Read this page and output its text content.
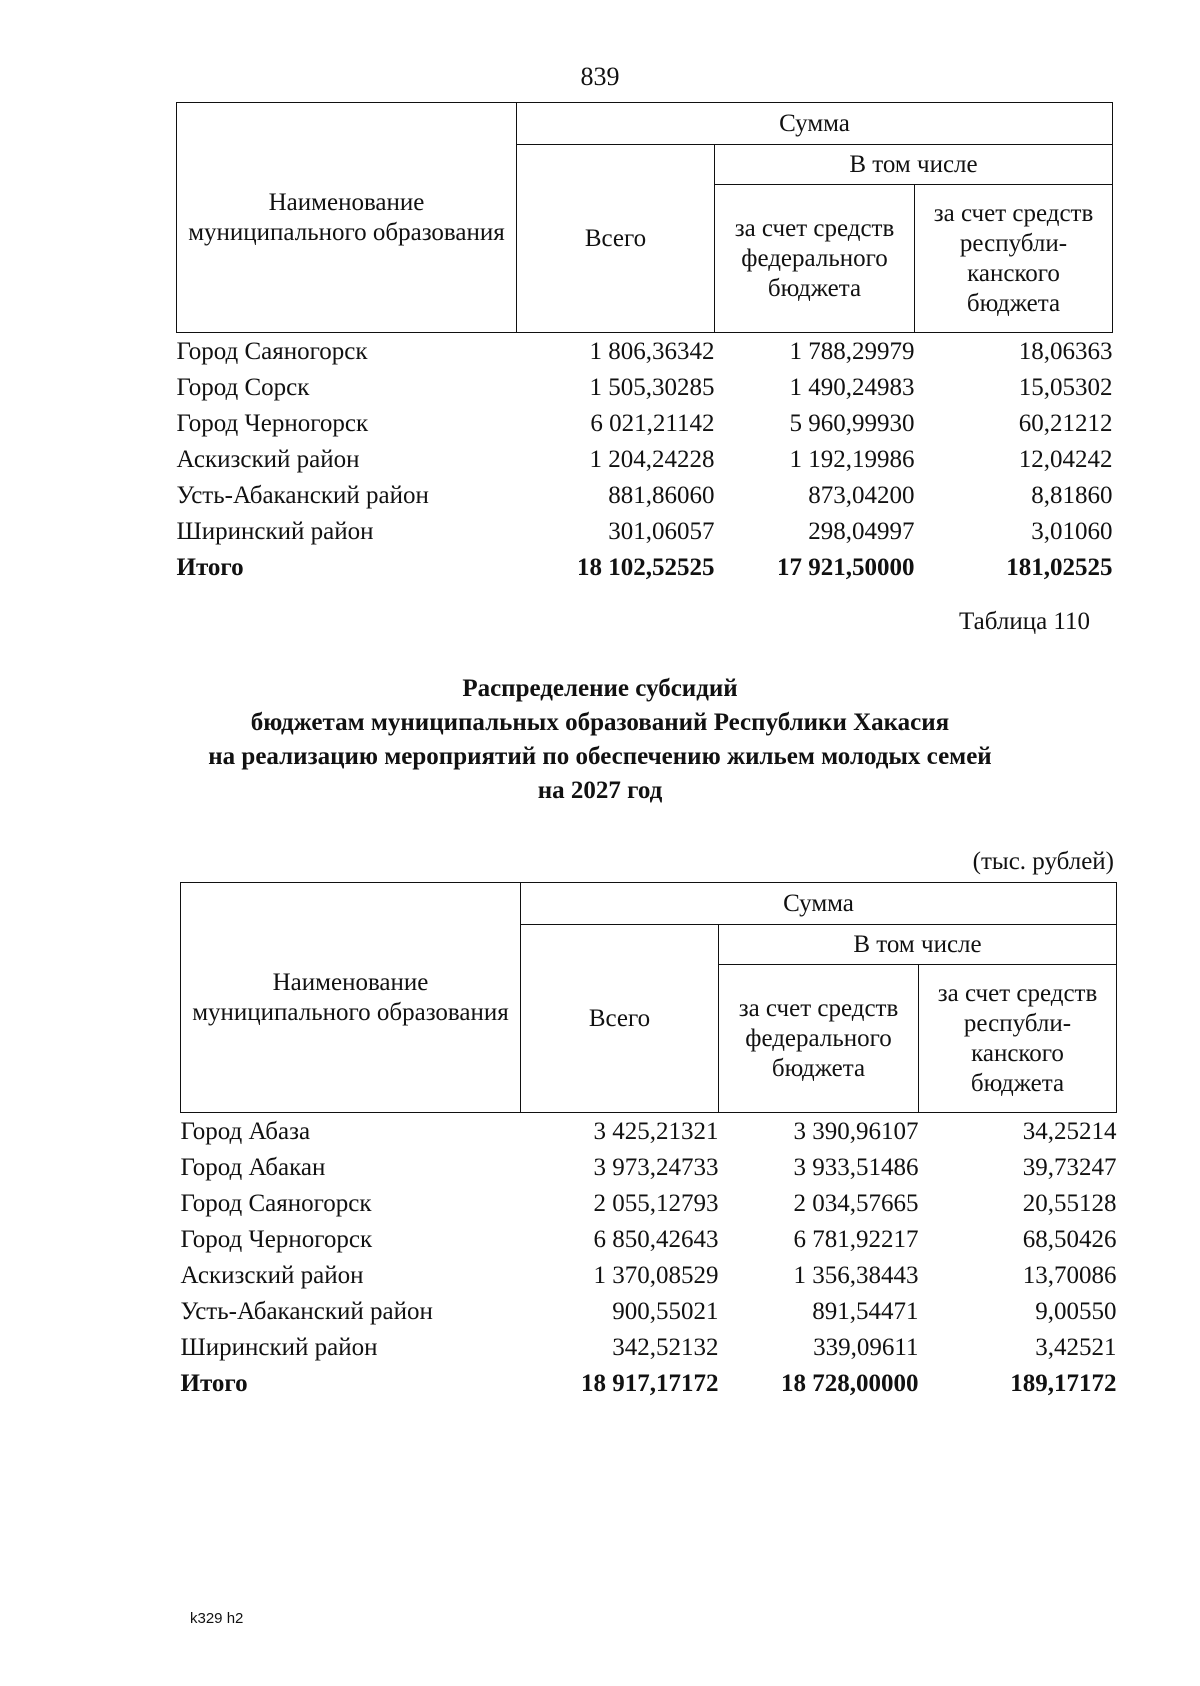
839
Наименование муниципального образования	Сумма		
	Всего	В том числе	
		за счет средств федерального бюджета	за счет средств республи-канского бюджета
Город Саяногорск	1 806,36342	1 788,29979	18,06363
Город Сорск	1 505,30285	1 490,24983	15,05302
Город Черногорск	6 021,21142	5 960,99930	60,21212
Аскизский район	1 204,24228	1 192,19986	12,04242
Усть-Абаканский район	881,86060	873,04200	8,81860
Ширинский район	301,06057	298,04997	3,01060
Итого	18 102,52525	17 921,50000	181,02525
Таблица 110
Распределение субсидий
бюджетам муниципальных образований Республики Хакасия
на реализацию мероприятий по обеспечению жильем молодых семей
на 2027 год
(тыс. рублей)
Наименование муниципального образования	Сумма		
	Всего	В том числе	
		за счет средств федерального бюджета	за счет средств республи-канского бюджета
Город Абаза	3 425,21321	3 390,96107	34,25214
Город Абакан	3 973,24733	3 933,51486	39,73247
Город Саяногорск	2 055,12793	2 034,57665	20,55128
Город Черногорск	6 850,42643	6 781,92217	68,50426
Аскизский район	1 370,08529	1 356,38443	13,70086
Усть-Абаканский район	900,55021	891,54471	9,00550
Ширинский район	342,52132	339,09611	3,42521
Итого	18 917,17172	18 728,00000	189,17172
k329 h2
